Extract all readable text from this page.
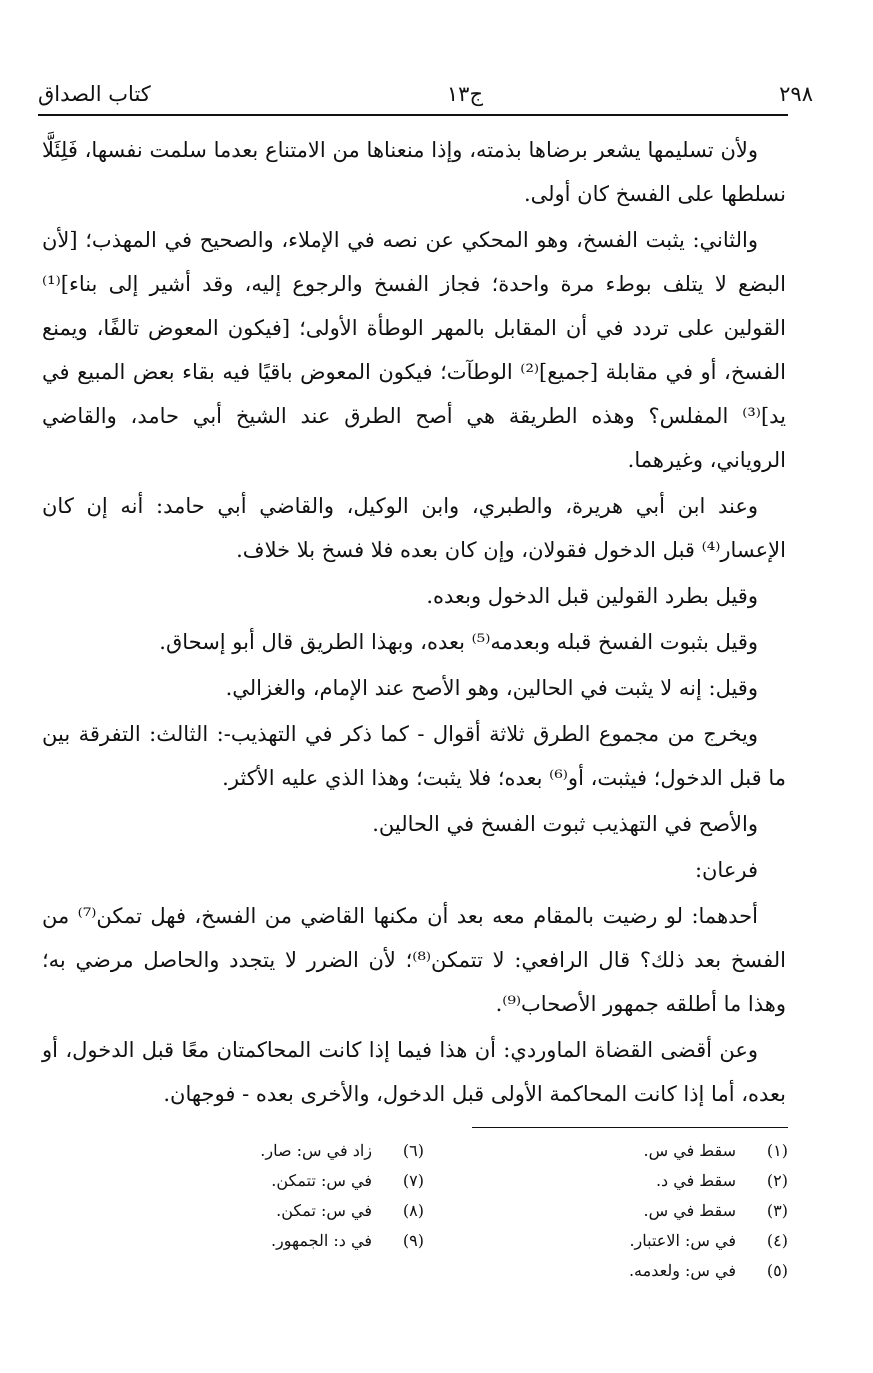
٢٩٨
ج١٣
كتاب الصداق

ولأن تسليمها يشعر برضاها بذمته، وإذا منعناها من الامتناع بعدما سلمت نفسها، فَلِئَلَّا نسلطها على الفسخ كان أولى.

والثاني: يثبت الفسخ، وهو المحكي عن نصه في الإملاء، والصحيح في المهذب؛ [لأن البضع لا يتلف بوطء مرة واحدة؛ فجاز الفسخ والرجوع إليه، وقد أشير إلى بناء]⁽¹⁾ القولين على تردد في أن المقابل بالمهر الوطأة الأولى؛ [فيكون المعوض تالفًا، ويمنع الفسخ، أو في مقابلة [جميع]⁽²⁾ الوطآت؛ فيكون المعوض باقيًا فيه بقاء بعض المبيع في يد]⁽³⁾ المفلس؟ وهذه الطريقة هي أصح الطرق عند الشيخ أبي حامد، والقاضي الروياني، وغيرهما.

وعند ابن أبي هريرة، والطبري، وابن الوكيل، والقاضي أبي حامد: أنه إن كان الإعسار⁽⁴⁾ قبل الدخول فقولان، وإن كان بعده فلا فسخ بلا خلاف.

وقيل بطرد القولين قبل الدخول وبعده.

وقيل بثبوت الفسخ قبله وبعدمه⁽⁵⁾ بعده، وبهذا الطريق قال أبو إسحاق.

وقيل: إنه لا يثبت في الحالين، وهو الأصح عند الإمام، والغزالي.

ويخرج من مجموع الطرق ثلاثة أقوال - كما ذكر في التهذيب-: الثالث: التفرقة بين ما قبل الدخول؛ فيثبت، أو⁽⁶⁾ بعده؛ فلا يثبت؛ وهذا الذي عليه الأكثر.

والأصح في التهذيب ثبوت الفسخ في الحالين.

فرعان:

أحدهما: لو رضيت بالمقام معه بعد أن مكنها القاضي من الفسخ، فهل تمكن⁽⁷⁾ من الفسخ بعد ذلك؟ قال الرافعي: لا تتمكن⁽⁸⁾؛ لأن الضرر لا يتجدد والحاصل مرضي به؛ وهذا ما أطلقه جمهور الأصحاب⁽⁹⁾.

وعن أقضى القضاة الماوردي: أن هذا فيما إذا كانت المحاكمتان معًا قبل الدخول، أو بعده، أما إذا كانت المحاكمة الأولى قبل الدخول، والأخرى بعده - فوجهان.

(١)
سقط في س.
(٢)
سقط في د.
(٣)
سقط في س.
(٤)
في س: الاعتبار.
(٥)
في س: ولعدمه.
(٦)
زاد في س: صار.
(٧)
في س: تتمكن.
(٨)
في س: تمكن.
(٩)
في د: الجمهور.
